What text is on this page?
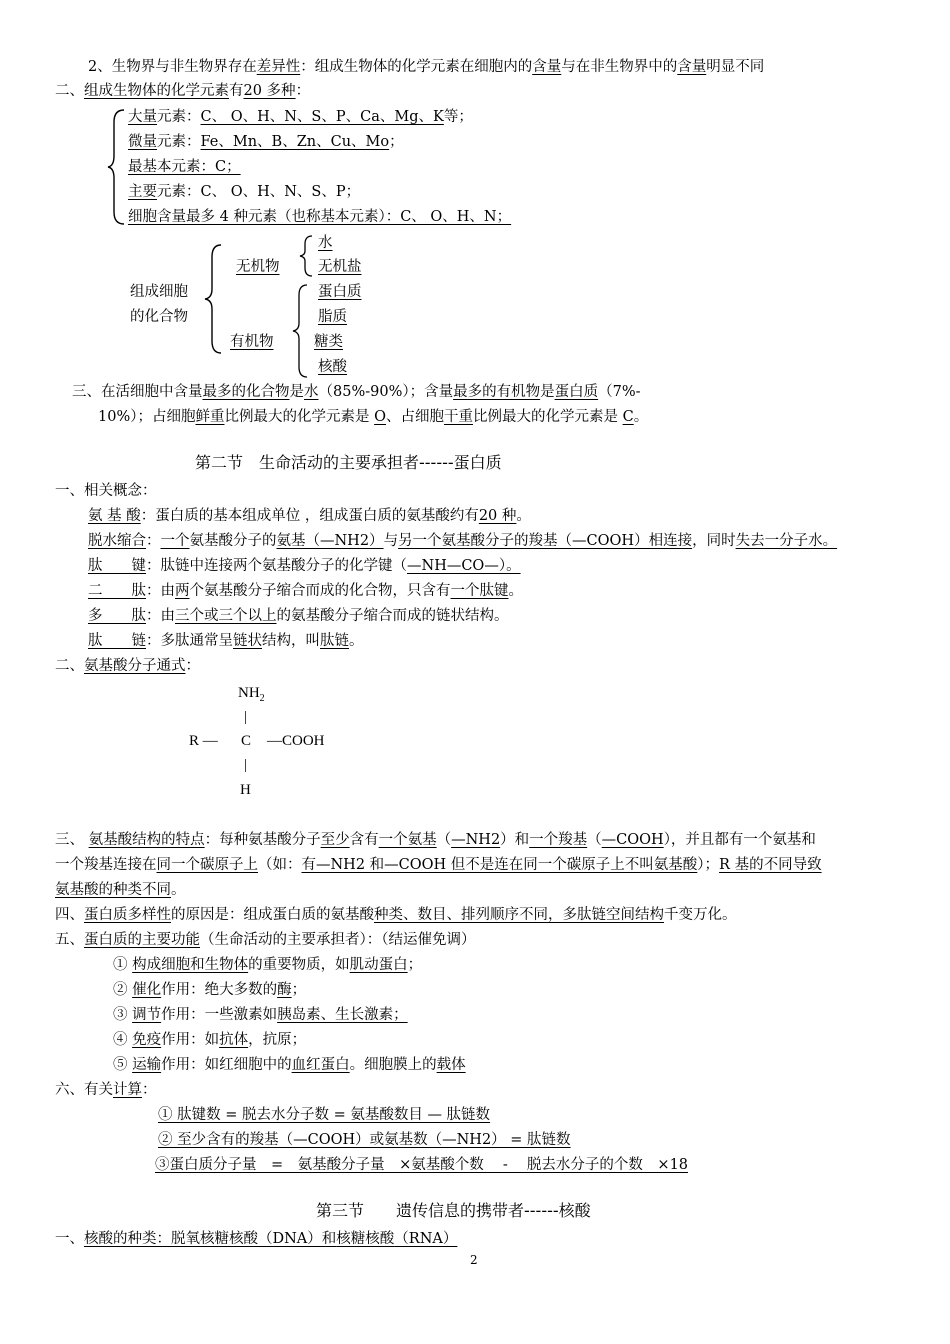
2、生物界与非生物界存在差异性：组成生物体的化学元素在细胞内的含量与在非生物界中的含量明显不同
二、组成生物体的化学元素有20 多种：
大量元素：C、 O、H、N、S、P、Ca、Mg、K等；
微量元素：Fe、Mn、B、Zn、Cu、Mo；
最基本元素：C；
主要元素：C、 O、H、N、S、P；
细胞含量最多 4 种元素（也称基本元素）：C、 O、H、N；
组成细胞
的化合物
无机物
有机物
水
无机盐
蛋白质
脂质
糖类
核酸
三、在活细胞中含量最多的化合物是水（85%-90%）；含量最多的有机物是蛋白质（7%-
10%）；占细胞鲜重比例最大的化学元素是 O、占细胞干重比例最大的化学元素是 C。
第二节　生命活动的主要承担者------蛋白质
一、相关概念：
氨 基 酸：蛋白质的基本组成单位 ，组成蛋白质的氨基酸约有20 种。
脱水缩合：一个氨基酸分子的氨基（—NH2）与另一个氨基酸分子的羧基（—COOH）相连接，同时失去一分子水。
肽　　键：肽链中连接两个氨基酸分子的化学键（—NH—CO—）。
二　　肽：由两个氨基酸分子缩合而成的化合物，只含有一个肽键。
多　　肽：由三个或三个以上的氨基酸分子缩合而成的链状结构。
肽　　链：多肽通常呈链状结构，叫肽链。
二、氨基酸分子通式：
$NH_2$
|
R — C —COOH
|
H
三、 氨基酸结构的特点：每种氨基酸分子至少含有一个氨基（—NH2）和一个羧基（—COOH），并且都有一个氨基和
一个羧基连接在同一个碳原子上（如：有—NH2 和—COOH 但不是连在同一个碳原子上不叫氨基酸）；R 基的不同导致
氨基酸的种类不同。
四、蛋白质多样性的原因是：组成蛋白质的氨基酸种类、数目、排列顺序不同，多肽链空间结构千变万化。
五、蛋白质的主要功能（生命活动的主要承担者）：（结运催免调）
① 构成细胞和生物体的重要物质，如肌动蛋白；
② 催化作用：绝大多数的酶；
③ 调节作用：一些激素如胰岛素、生长激素；
④ 免疫作用：如抗体，抗原；
⑤ 运输作用：如红细胞中的血红蛋白。细胞膜上的载体
六、有关计算：
① 肽键数 = 脱去水分子数 = 氨基酸数目 — 肽链数
② 至少含有的羧基（—COOH）或氨基数（—NH2） = 肽链数
③蛋白质分子量　=　氨基酸分子量　×氨基酸个数　 -　 脱去水分子的个数　×18
第三节　　遗传信息的携带者------核酸
一、核酸的种类：脱氧核糖核酸（DNA）和核糖核酸（RNA）
2
